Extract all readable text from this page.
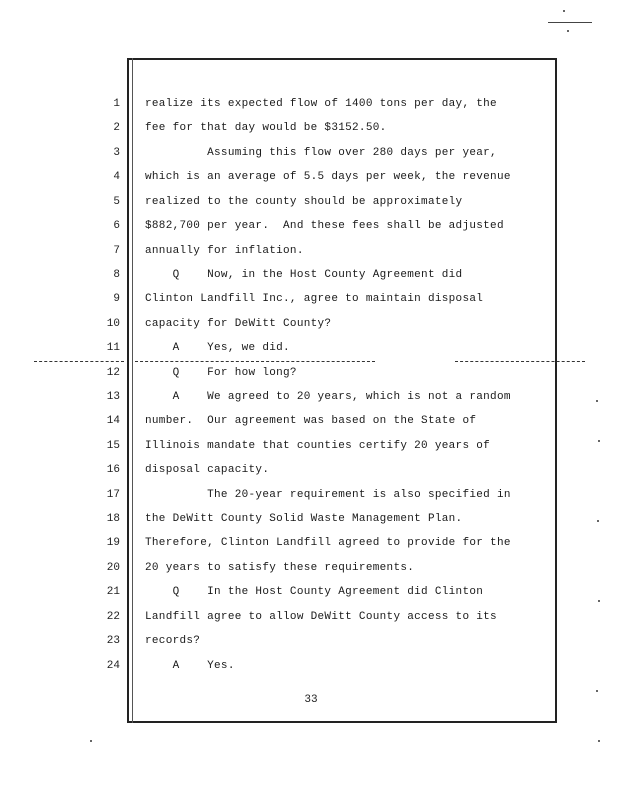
1
2
3
4
5
6
7
8
9
10
11
12
13
14
15
16
17
18
19
20
21
22
23
24
realize its expected flow of 1400 tons per day, the
fee for that day would be $3152.50.
Assuming this flow over 280 days per year,
which is an average of 5.5 days per week, the revenue
realized to the county should be approximately
$882,700 per year.  And these fees shall be adjusted
annually for inflation.
Q    Now, in the Host County Agreement did
Clinton Landfill Inc., agree to maintain disposal
capacity for DeWitt County?
A    Yes, we did.
Q    For how long?
A    We agreed to 20 years, which is not a random
number.  Our agreement was based on the State of
Illinois mandate that counties certify 20 years of
disposal capacity.
The 20-year requirement is also specified in
the DeWitt County Solid Waste Management Plan.
Therefore, Clinton Landfill agreed to provide for the
20 years to satisfy these requirements.
Q    In the Host County Agreement did Clinton
Landfill agree to allow DeWitt County access to its
records?
A    Yes.
33
